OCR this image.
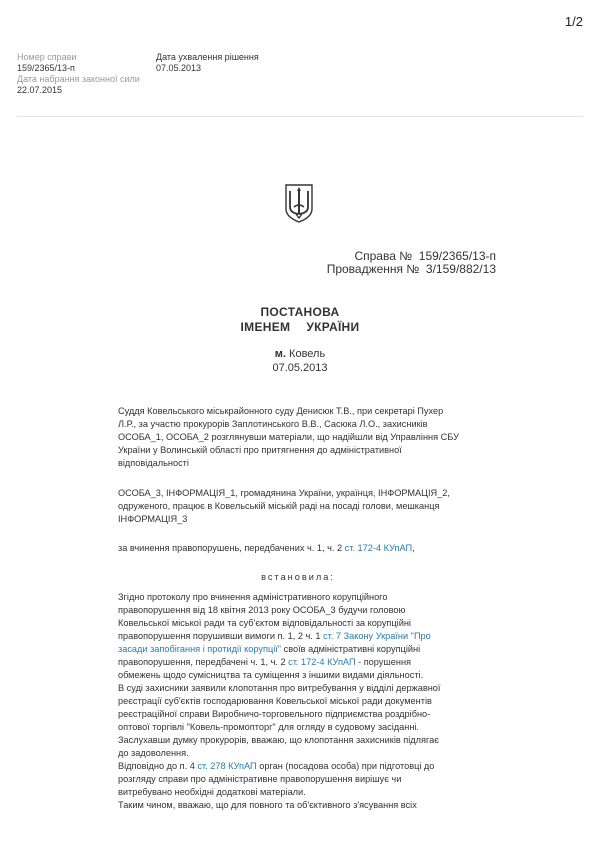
1/2
Номер справи
159/2365/13-п
Дата набрання законної сили
22.07.2015
Дата ухвалення рішення
07.05.2013
Справа № 159/2365/13-п
Провадження № 3/159/882/13
ПОСТАНОВА
ІМЕНЕМ УКРАЇНИ
м. Ковель
07.05.2013
Суддя Ковельського міськрайонного суду Денисюк Т.В., при секретарі Пухер
Л.Р., за участю прокурорів Заплотинського В.В., Сасюка Л.О., захисників
ОСОБА_1, ОСОБА_2 розглянувши матеріали, що надійшли від Управління СБУ
України у Волинській області про притягнення до адміністративної
відповідальності
ОСОБА_3, ІНФОРМАЦІЯ_1, громадянина України, українця, ІНФОРМАЦІЯ_2,
одруженого, працює в Ковельській міській раді на посаді голови, мешканця
ІНФОРМАЦІЯ_3
за вчинення правопорушень, передбачених ч. 1, ч. 2 ст. 172-4 КУпАП,
встановила:
Згідно протоколу про вчинення адміністративного корупційного
правопорушення від 18 квітня 2013 року ОСОБА_3 будучи головою
Ковельської міської ради та суб'єктом відповідальності за корупційні
правопорушення порушивши вимоги п. 1, 2 ч. 1 ст. 7 Закону України "Про
засади запобігання і протидії корупції" своїв адміністративні корупційні
правопорушення, передбачені ч. 1, ч. 2 ст. 172-4 КУпАП - порушення
обмежень щодо сумісництва та суміщення з іншими видами діяльності.
В суді захисники заявили клопотання про витребування у відділі державної
реєстрації суб'єктів господарювання Ковельської міської ради документів
реєстраційної справи Виробничо-торговельного підприємства роздрібно-
оптової торгівлі "Ковель-промопторг" для огляду в судовому засіданні.
Заслухавши думку прокурорів, вважаю, що клопотання захисників підлягає
до задоволення.
Відповідно до п. 4 ст. 278 КУпАП орган (посадова особа) при підготовці до
розгляду справи про адміністративне правопорушення вирішує чи
витребувано необхідні додаткові матеріали.
Таким чином, вважаю, що для повного та об'єктивного з'ясування всіх
